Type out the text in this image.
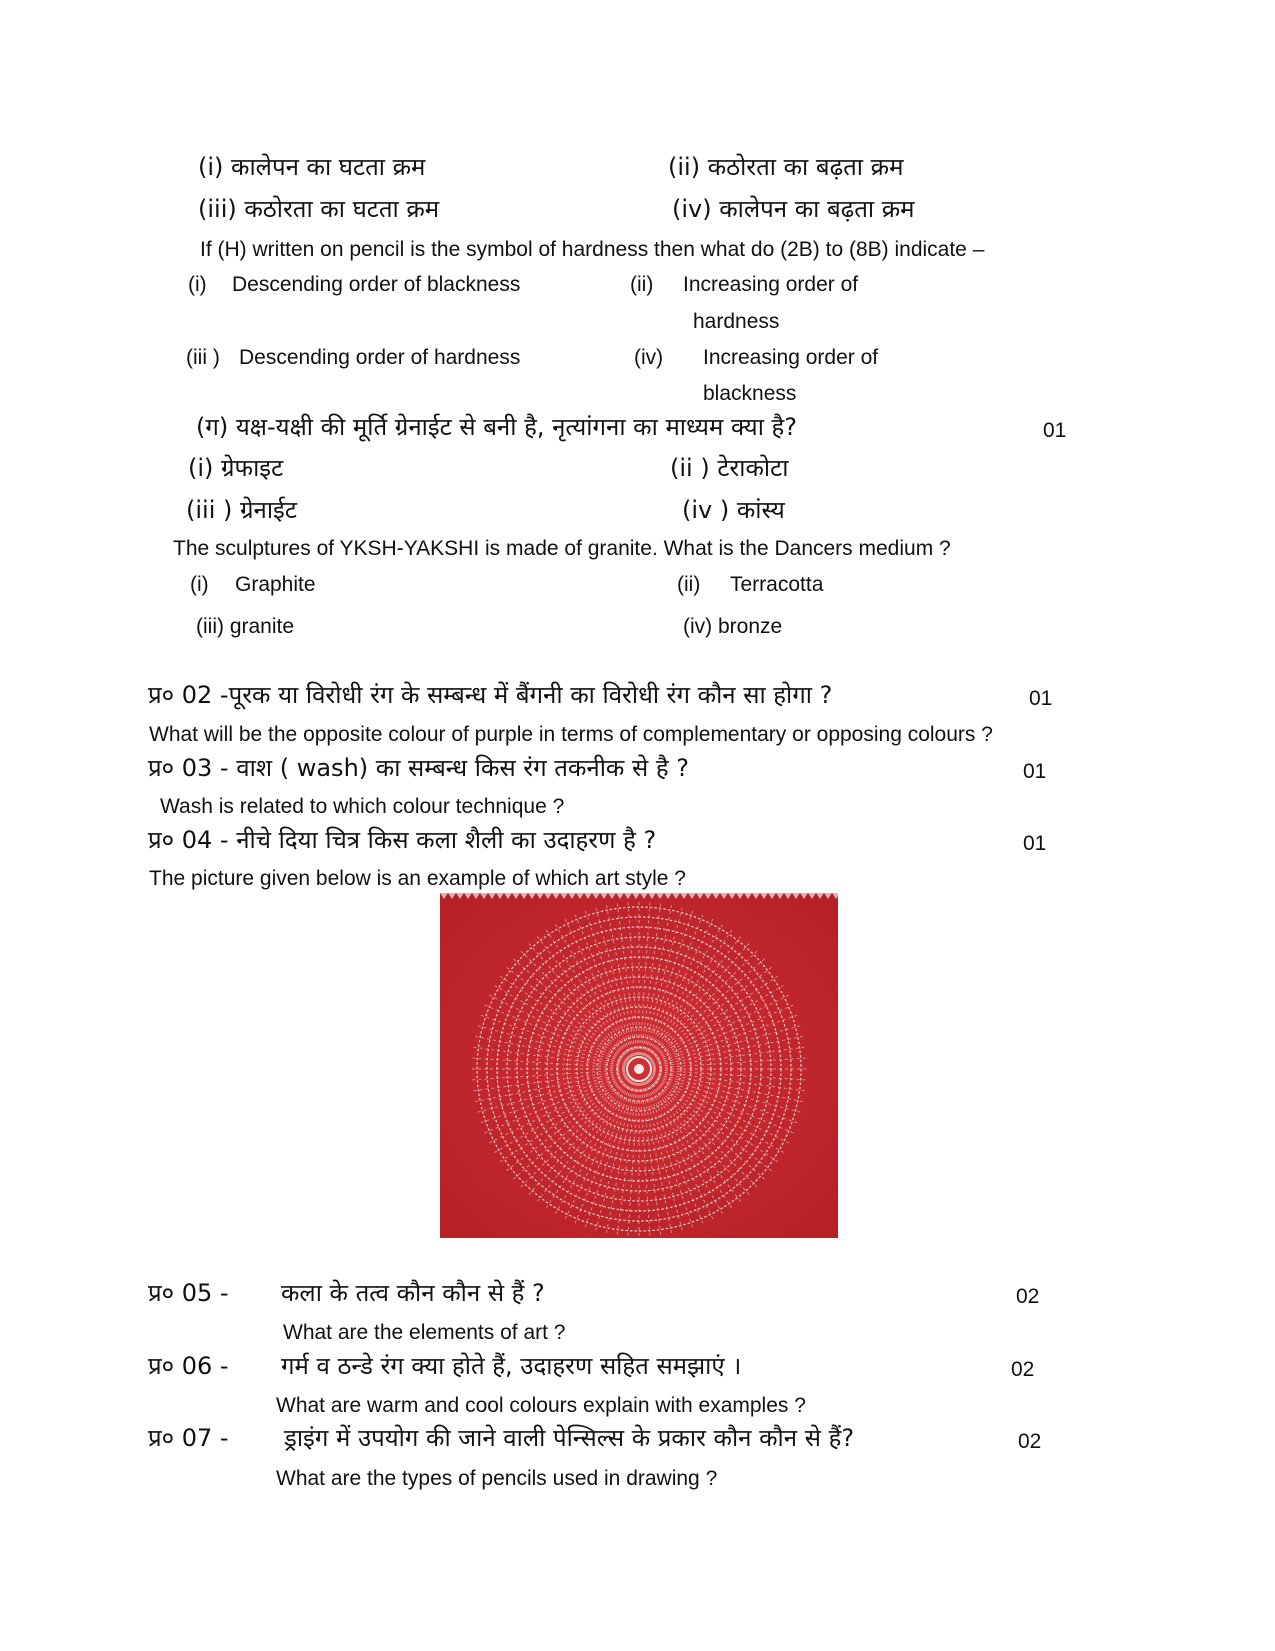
(i) कालेपन का घटता क्रम	(ii) कठोरता का बढ़ता क्रम
(iii) कठोरता का घटता क्रम	(iv) कालेपन का बढ़ता क्रम
If (H) written on pencil is the symbol of hardness then what do (2B) to (8B) indicate –
(i) Descending order of blackness	(ii) Increasing order of
hardness
(iii ) Descending order of hardness	(iv) Increasing order of
blackness
(ग) यक्ष-यक्षी की मूर्ति ग्रेनाईट से बनी है, नृत्यांगना का माध्यम क्या है?	01
(i) ग्रेफाइट	(ii ) टेराकोटा
(iii ) ग्रेनाईट	(iv ) कांस्य
The sculptures of YKSH-YAKSHI is made of granite. What is the Dancers medium ?
(i) Graphite	(ii) Terracotta
(iii) granite	(iv) bronze
प्र० 02 -पूरक या विरोधी रंग के सम्बन्ध में बैंगनी का विरोधी रंग कौन सा होगा ?	01
What will be the opposite colour of purple in terms of complementary or opposing colours ?
प्र० 03 - वाश ( wash) का सम्बन्ध किस रंग तकनीक से है ?	01
Wash is related to which colour technique ?
प्र० 04 - नीचे दिया चित्र किस कला शैली का उदाहरण है ?	01
The picture given below is an example of which art style ?
प्र० 05 - कला के तत्व कौन कौन से हैं ?	02
What are the elements of art ?
प्र० 06 - गर्म व ठन्डे रंग क्या होते हैं, उदाहरण सहित समझाएं ।	02
What are warm and cool colours explain with examples ?
प्र० 07 - ड्राइंग में उपयोग की जाने वाली पेन्सिल्स के प्रकार कौन कौन से हैं?	02
What are the types of pencils used in drawing ?
